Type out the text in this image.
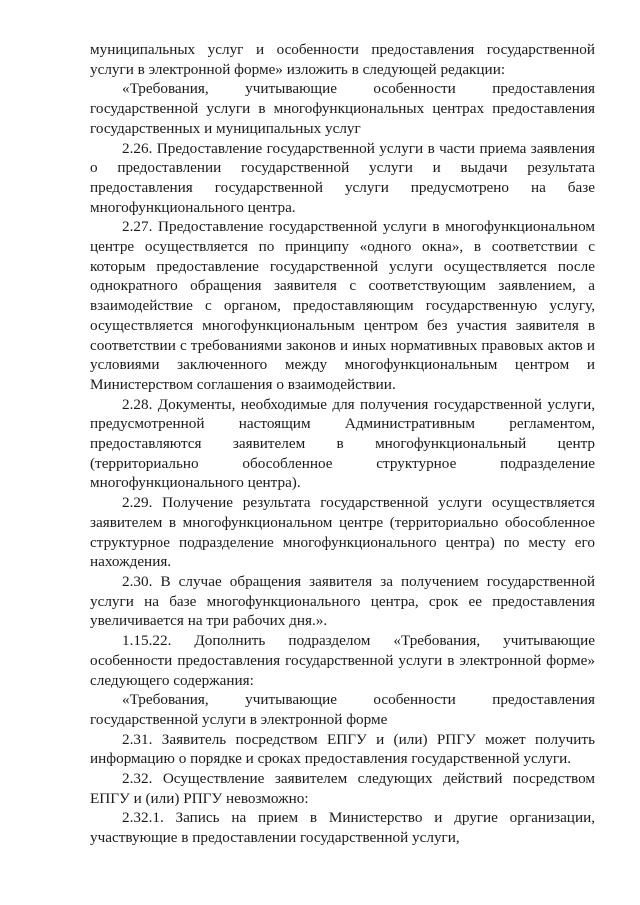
муниципальных услуг и особенности предоставления государственной услуги в электронной форме» изложить в следующей редакции:

«Требования, учитывающие особенности предоставления государственной услуги в многофункциональных центрах предоставления государственных и муниципальных услуг

2.26. Предоставление государственной услуги в части приема заявления о предоставлении государственной услуги и выдачи результата предоставления государственной услуги предусмотрено на базе многофункционального центра.

2.27. Предоставление государственной услуги в многофункциональном центре осуществляется по принципу «одного окна», в соответствии с которым предоставление государственной услуги осуществляется после однократного обращения заявителя с соответствующим заявлением, а взаимодействие с органом, предоставляющим государственную услугу, осуществляется многофункциональным центром без участия заявителя в соответствии с требованиями законов и иных нормативных правовых актов и условиями заключенного между многофункциональным центром и Министерством соглашения о взаимодействии.

2.28. Документы, необходимые для получения государственной услуги, предусмотренной настоящим Административным регламентом, предоставляются заявителем в многофункциональный центр (территориально обособленное структурное подразделение многофункционального центра).

2.29. Получение результата государственной услуги осуществляется заявителем в многофункциональном центре (территориально обособленное структурное подразделение многофункционального центра) по месту его нахождения.

2.30. В случае обращения заявителя за получением государственной услуги на базе многофункционального центра, срок ее предоставления увеличивается на три рабочих дня.».

1.15.22. Дополнить подразделом «Требования, учитывающие особенности предоставления государственной услуги в электронной форме» следующего содержания:

«Требования, учитывающие особенности предоставления государственной услуги в электронной форме

2.31. Заявитель посредством ЕПГУ и (или) РПГУ может получить информацию о порядке и сроках предоставления государственной услуги.

2.32. Осуществление заявителем следующих действий посредством ЕПГУ и (или) РПГУ невозможно:

2.32.1. Запись на прием в Министерство и другие организации, участвующие в предоставлении государственной услуги,
